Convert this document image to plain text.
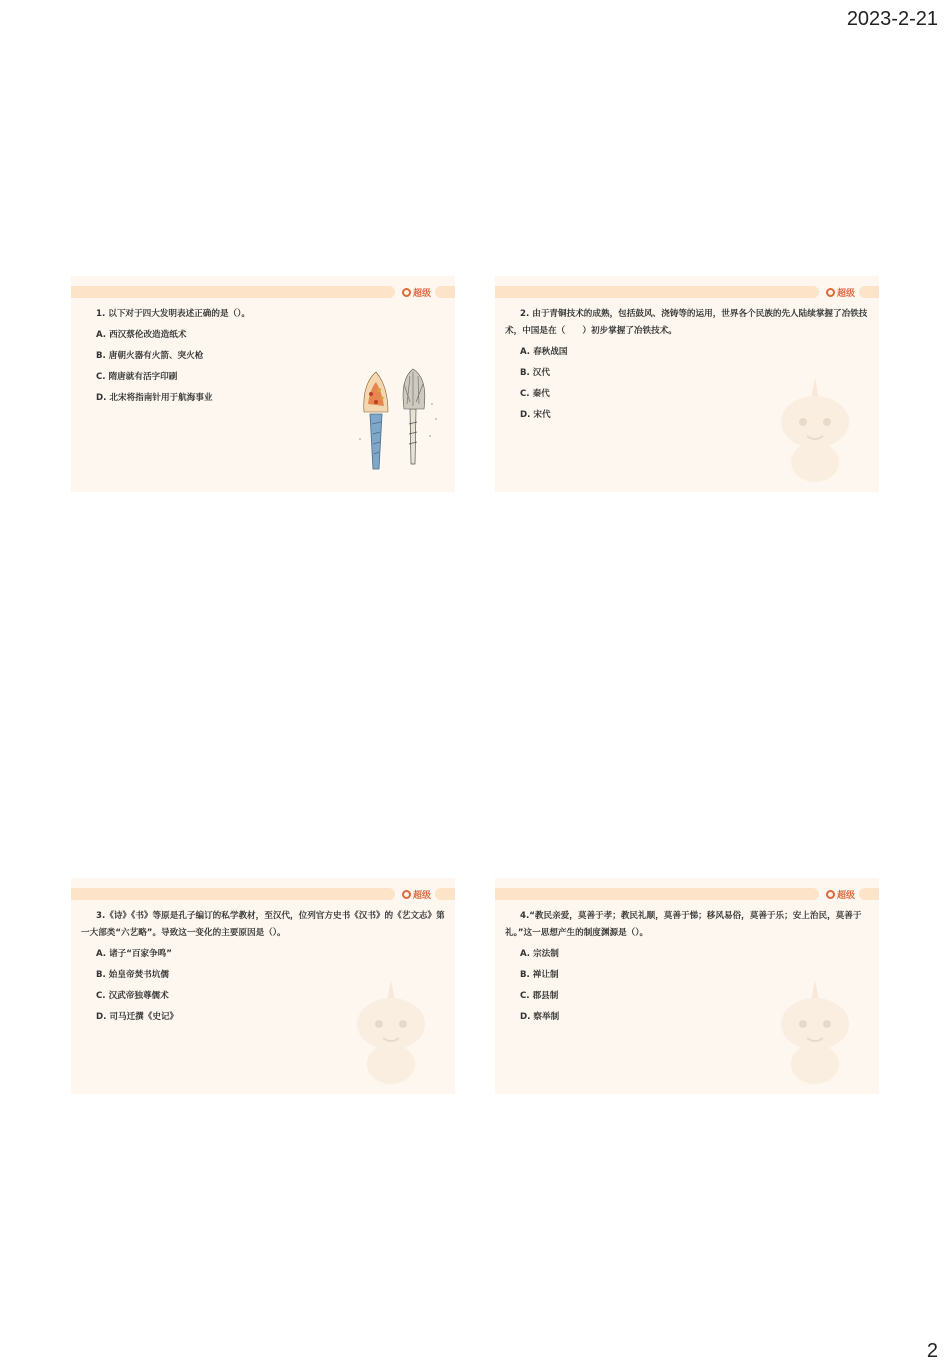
2023-2-21
超级

1. 以下对于四大发明表述正确的是（）。

A. 西汉蔡伦改造造纸术

B. 唐朝火器有火箭、突火枪

C. 隋唐就有活字印刷

D. 北宋将指南针用于航海事业

超级

2. 由于青铜技术的成熟，包括鼓风、浇铸等的运用，世界各个民族的先人陆续掌握了冶铁技术，中国是在（　　）初步掌握了冶铁技术。

A. 春秋战国

B. 汉代

C. 秦代

D. 宋代

超级

3.《诗》《书》等原是孔子编订的私学教材，至汉代，位列官方史书《汉书》的《艺文志》第一大部类“六艺略”。导致这一变化的主要原因是（）。

A. 诸子“百家争鸣”

B. 始皇帝焚书坑儒

C. 汉武帝独尊儒术

D. 司马迁撰《史记》

超级

4.“教民亲爱，莫善于孝；教民礼顺，莫善于悌；移风易俗，莫善于乐；安上治民，莫善于礼。”这一思想产生的制度渊源是（）。

A. 宗法制

B. 禅让制

C. 郡县制

D. 察举制

2
